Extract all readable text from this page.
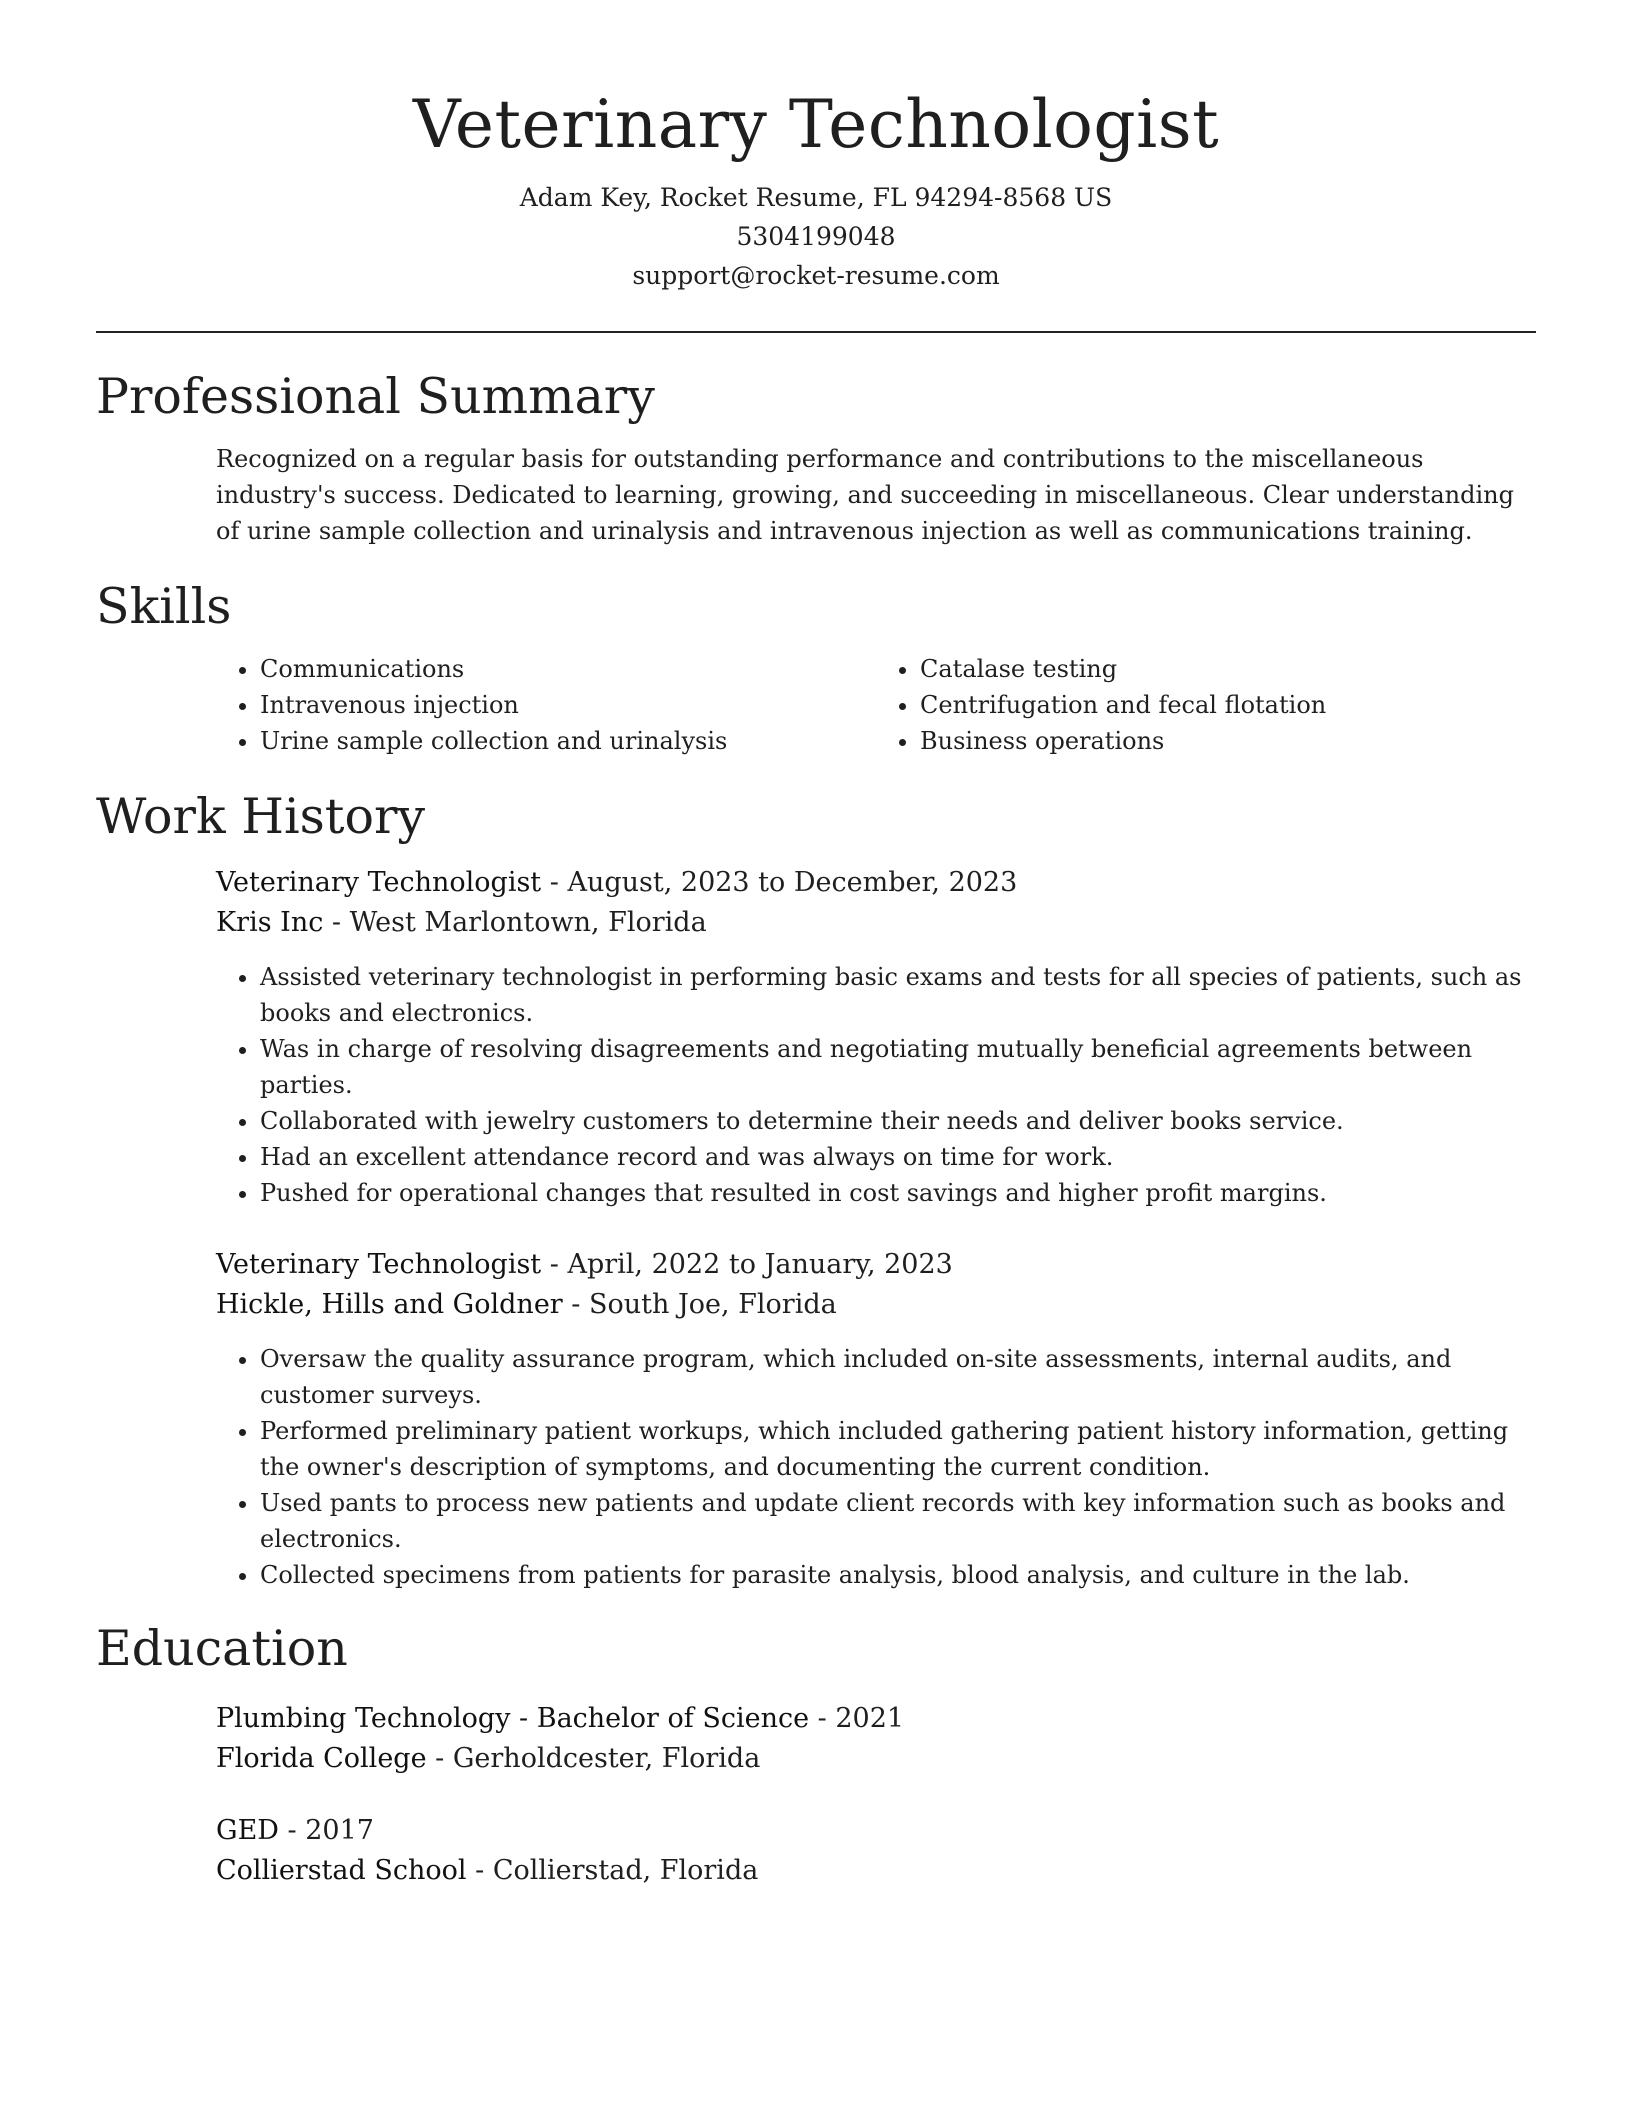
Veterinary Technologist

Adam Key, Rocket Resume, FL 94294-8568 US

5304199048

support@rocket-resume.com

Professional Summary

Recognized on a regular basis for outstanding performance and contributions to the miscellaneous industry's success. Dedicated to learning, growing, and succeeding in miscellaneous. Clear understanding of urine sample collection and urinalysis and intravenous injection as well as communications training.

Skills
• Communications
• Intravenous injection
• Urine sample collection and urinalysis
• Catalase testing
• Centrifugation and fecal flotation
• Business operations
Work History

Veterinary Technologist - August, 2023 to December, 2023

Kris Inc - West Marlontown, Florida

• Assisted veterinary technologist in performing basic exams and tests for all species of patients, such as books and electronics.
• Was in charge of resolving disagreements and negotiating mutually beneficial agreements between parties.
• Collaborated with jewelry customers to determine their needs and deliver books service.
• Had an excellent attendance record and was always on time for work.
• Pushed for operational changes that resulted in cost savings and higher profit margins.

Veterinary Technologist - April, 2022 to January, 2023

Hickle, Hills and Goldner - South Joe, Florida

• Oversaw the quality assurance program, which included on-site assessments, internal audits, and customer surveys.
• Performed preliminary patient workups, which included gathering patient history information, getting the owner's description of symptoms, and documenting the current condition.
• Used pants to process new patients and update client records with key information such as books and electronics.
• Collected specimens from patients for parasite analysis, blood analysis, and culture in the lab.
Education

Plumbing Technology - Bachelor of Science - 2021

Florida College - Gerholdcester, Florida

GED - 2017

Collierstad School - Collierstad, Florida
